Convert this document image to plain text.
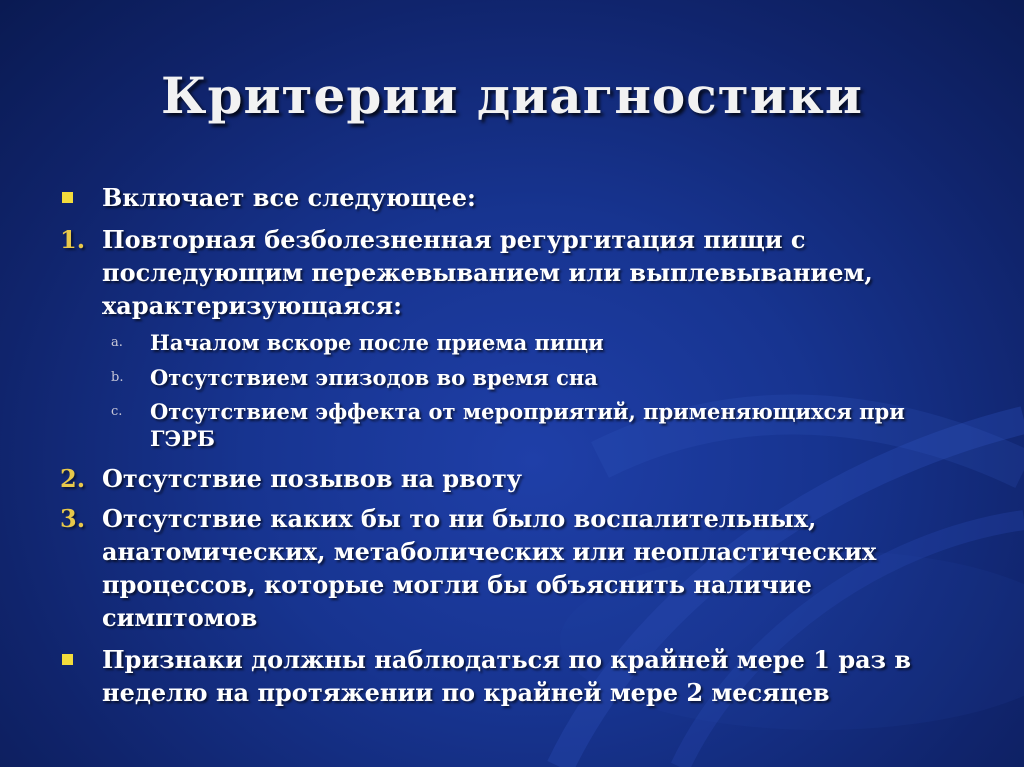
Критерии диагностики
Включает все следующее:
1. Повторная безболезненная регургитация пищи с
последующим пережевыванием или выплевыванием,
характеризующаяся:
a. Началом вскоре после приема пищи
b. Отсутствием эпизодов во время сна
c. Отсутствием эффекта от мероприятий, применяющихся при
ГЭРБ
2. Отсутствие позывов на рвоту
3. Отсутствие каких бы то ни было воспалительных,
анатомических, метаболических или неопластических
процессов, которые могли бы объяснить наличие
симптомов
Признаки должны наблюдаться по крайней мере 1 раз в
неделю на протяжении по крайней мере 2 месяцев
